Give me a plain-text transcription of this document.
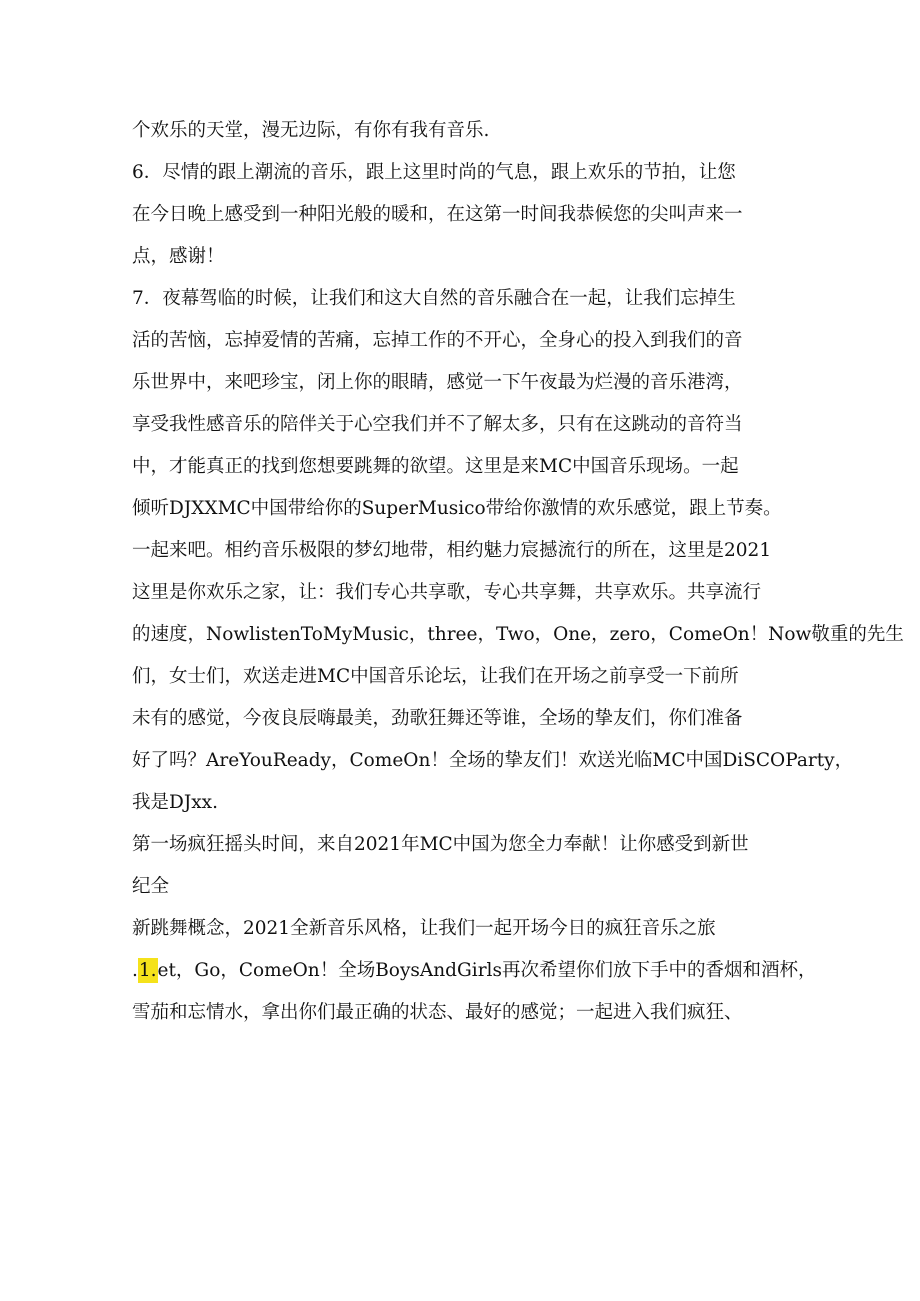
个欢乐的天堂，漫无边际，有你有我有音乐.
6．尽情的跟上潮流的音乐，跟上这里时尚的气息，跟上欢乐的节拍，让您
在今日晚上感受到一种阳光般的暖和，在这第一时间我恭候您的尖叫声来一
点，感谢！
7．夜幕驾临的时候，让我们和这大自然的音乐融合在一起，让我们忘掉生
活的苦恼，忘掉爱情的苦痛，忘掉工作的不开心，全身心的投入到我们的音
乐世界中，来吧珍宝，闭上你的眼睛，感觉一下午夜最为烂漫的音乐港湾，
享受我性感音乐的陪伴关于心空我们并不了解太多，只有在这跳动的音符当
中，才能真正的找到您想要跳舞的欲望。这里是来MC中国音乐现场。一起
倾听DJXXMC中国带给你的SuperMusico带给你激情的欢乐感觉，跟上节奏。
一起来吧。相约音乐极限的梦幻地带，相约魅力宸撼流行的所在，这里是2021
这里是你欢乐之家，让：我们专心共享歌，专心共享舞，共享欢乐。共享流行
的速度，NowlistenToMyMusic，three，Two，One，zero，ComeOn！Now敬重的先生
们，女士们，欢送走进MC中国音乐论坛，让我们在开场之前享受一下前所
未有的感觉，今夜良辰嗨最美，劲歌狂舞还等谁，全场的挚友们，你们准备
好了吗？AreYouReady，ComeOn！全场的挚友们！欢送光临MC中国DiSCOParty，
我是DJxx.
第一场疯狂摇头时间，来自2021年MC中国为您全力奉献！让你感受到新世
纪全
新跳舞概念，2021全新音乐风格，让我们一起开场今日的疯狂音乐之旅
.1.et，Go，ComeOn！全场BoysAndGirls再次希望你们放下手中的香烟和酒杯，
雪茄和忘情水，拿出你们最正确的状态、最好的感觉；一起进入我们疯狂、
